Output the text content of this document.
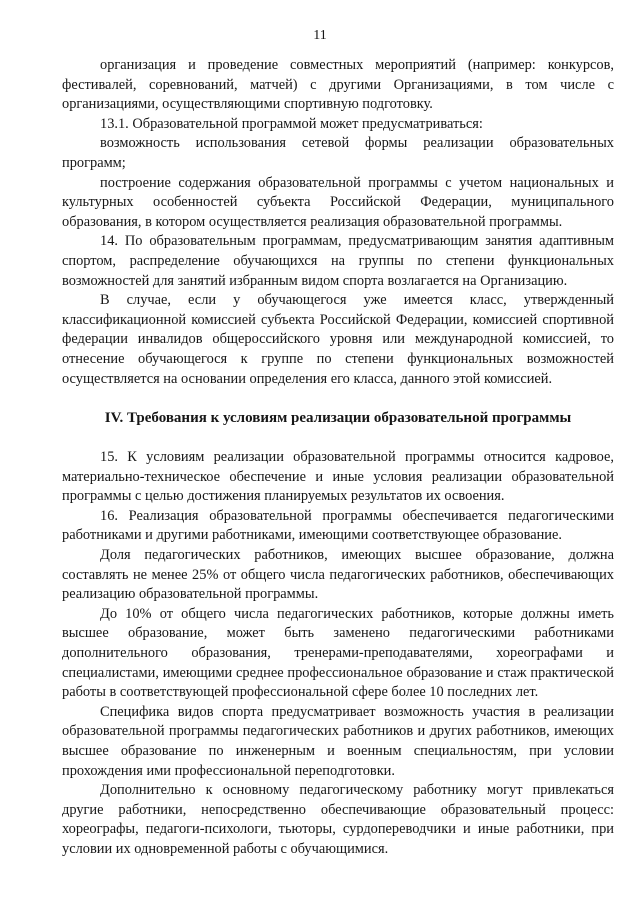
11

организация и проведение совместных мероприятий (например: конкурсов, фестивалей, соревнований, матчей) с другими Организациями, в том числе с организациями, осуществляющими спортивную подготовку.

13.1. Образовательной программой может предусматриваться:

возможность использования сетевой формы реализации образовательных программ;

построение содержания образовательной программы с учетом национальных и культурных особенностей субъекта Российской Федерации, муниципального образования, в котором осуществляется реализация образовательной программы.

14. По образовательным программам, предусматривающим занятия адаптивным спортом, распределение обучающихся на группы по степени функциональных возможностей для занятий избранным видом спорта возлагается на Организацию.

В случае, если у обучающегося уже имеется класс, утвержденный классификационной комиссией субъекта Российской Федерации, комиссией спортивной федерации инвалидов общероссийского уровня или международной комиссией, то отнесение обучающегося к группе по степени функциональных возможностей осуществляется на основании определения его класса, данного этой комиссией.

IV. Требования к условиям реализации образовательной программы

15. К условиям реализации образовательной программы относится кадровое, материально-техническое обеспечение и иные условия реализации образовательной программы с целью достижения планируемых результатов их освоения.

16. Реализация образовательной программы обеспечивается педагогическими работниками и другими работниками, имеющими соответствующее образование.

Доля педагогических работников, имеющих высшее образование, должна составлять не менее 25% от общего числа педагогических работников, обеспечивающих реализацию образовательной программы.

До 10% от общего числа педагогических работников, которые должны иметь высшее образование, может быть заменено педагогическими работниками дополнительного образования, тренерами-преподавателями, хореографами и специалистами, имеющими среднее профессиональное образование и стаж практической работы в соответствующей профессиональной сфере более 10 последних лет.

Специфика видов спорта предусматривает возможность участия в реализации образовательной программы педагогических работников и других работников, имеющих высшее образование по инженерным и военным специальностям, при условии прохождения ими профессиональной переподготовки.

Дополнительно к основному педагогическому работнику могут привлекаться другие работники, непосредственно обеспечивающие образовательный процесс: хореографы, педагоги-психологи, тьюторы, сурдопереводчики и иные работники, при условии их одновременной работы с обучающимися.
